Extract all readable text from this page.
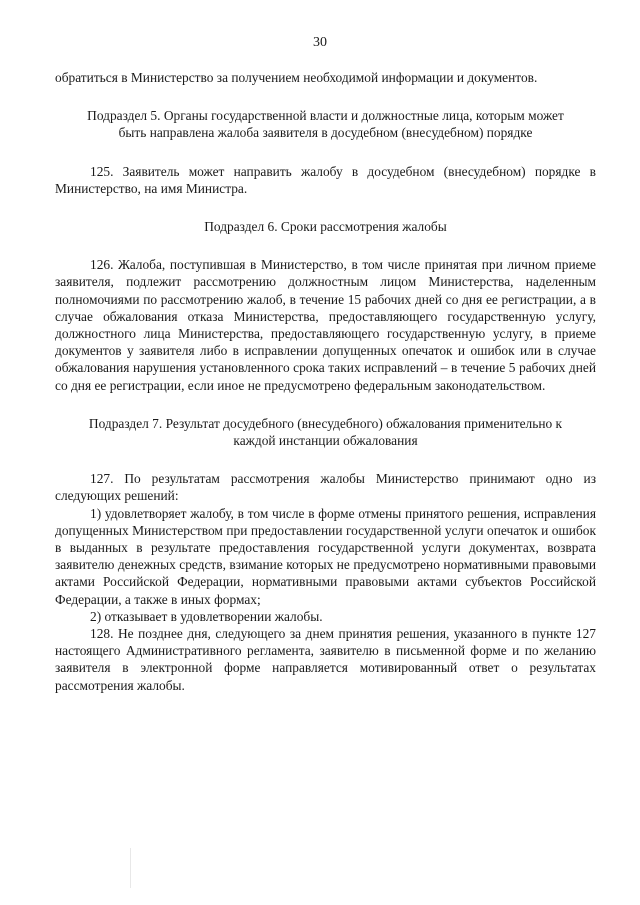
30

обратиться в Министерство за получением необходимой информации и документов.

Подраздел 5. Органы государственной власти и должностные лица, которым может быть направлена жалоба заявителя в досудебном (внесудебном) порядке

125. Заявитель может направить жалобу в досудебном (внесудебном) порядке в Министерство, на имя Министра.

Подраздел 6. Сроки рассмотрения жалобы

126. Жалоба, поступившая в Министерство, в том числе принятая при личном приеме заявителя, подлежит рассмотрению должностным лицом Министерства, наделенным полномочиями по рассмотрению жалоб, в течение 15 рабочих дней со дня ее регистрации, а в случае обжалования отказа Министерства, предоставляющего государственную услугу, должностного лица Министерства, предоставляющего государственную услугу, в приеме документов у заявителя либо в исправлении допущенных опечаток и ошибок или в случае обжалования нарушения установленного срока таких исправлений – в течение 5 рабочих дней со дня ее регистрации, если иное не предусмотрено федеральным законодательством.

Подраздел 7. Результат досудебного (внесудебного) обжалования применительно к каждой инстанции обжалования

127. По результатам рассмотрения жалобы Министерство принимают одно из следующих решений:

1) удовлетворяет жалобу, в том числе в форме отмены принятого решения, исправления допущенных Министерством при предоставлении государственной услуги опечаток и ошибок в выданных в результате предоставления государственной услуги документах, возврата заявителю денежных средств, взимание которых не предусмотрено нормативными правовыми актами Российской Федерации, нормативными правовыми актами субъектов Российской Федерации, а также в иных формах;

2) отказывает в удовлетворении жалобы.

128. Не позднее дня, следующего за днем принятия решения, указанного в пункте 127 настоящего Административного регламента, заявителю в письменной форме и по желанию заявителя в электронной форме направляется мотивированный ответ о результатах рассмотрения жалобы.
